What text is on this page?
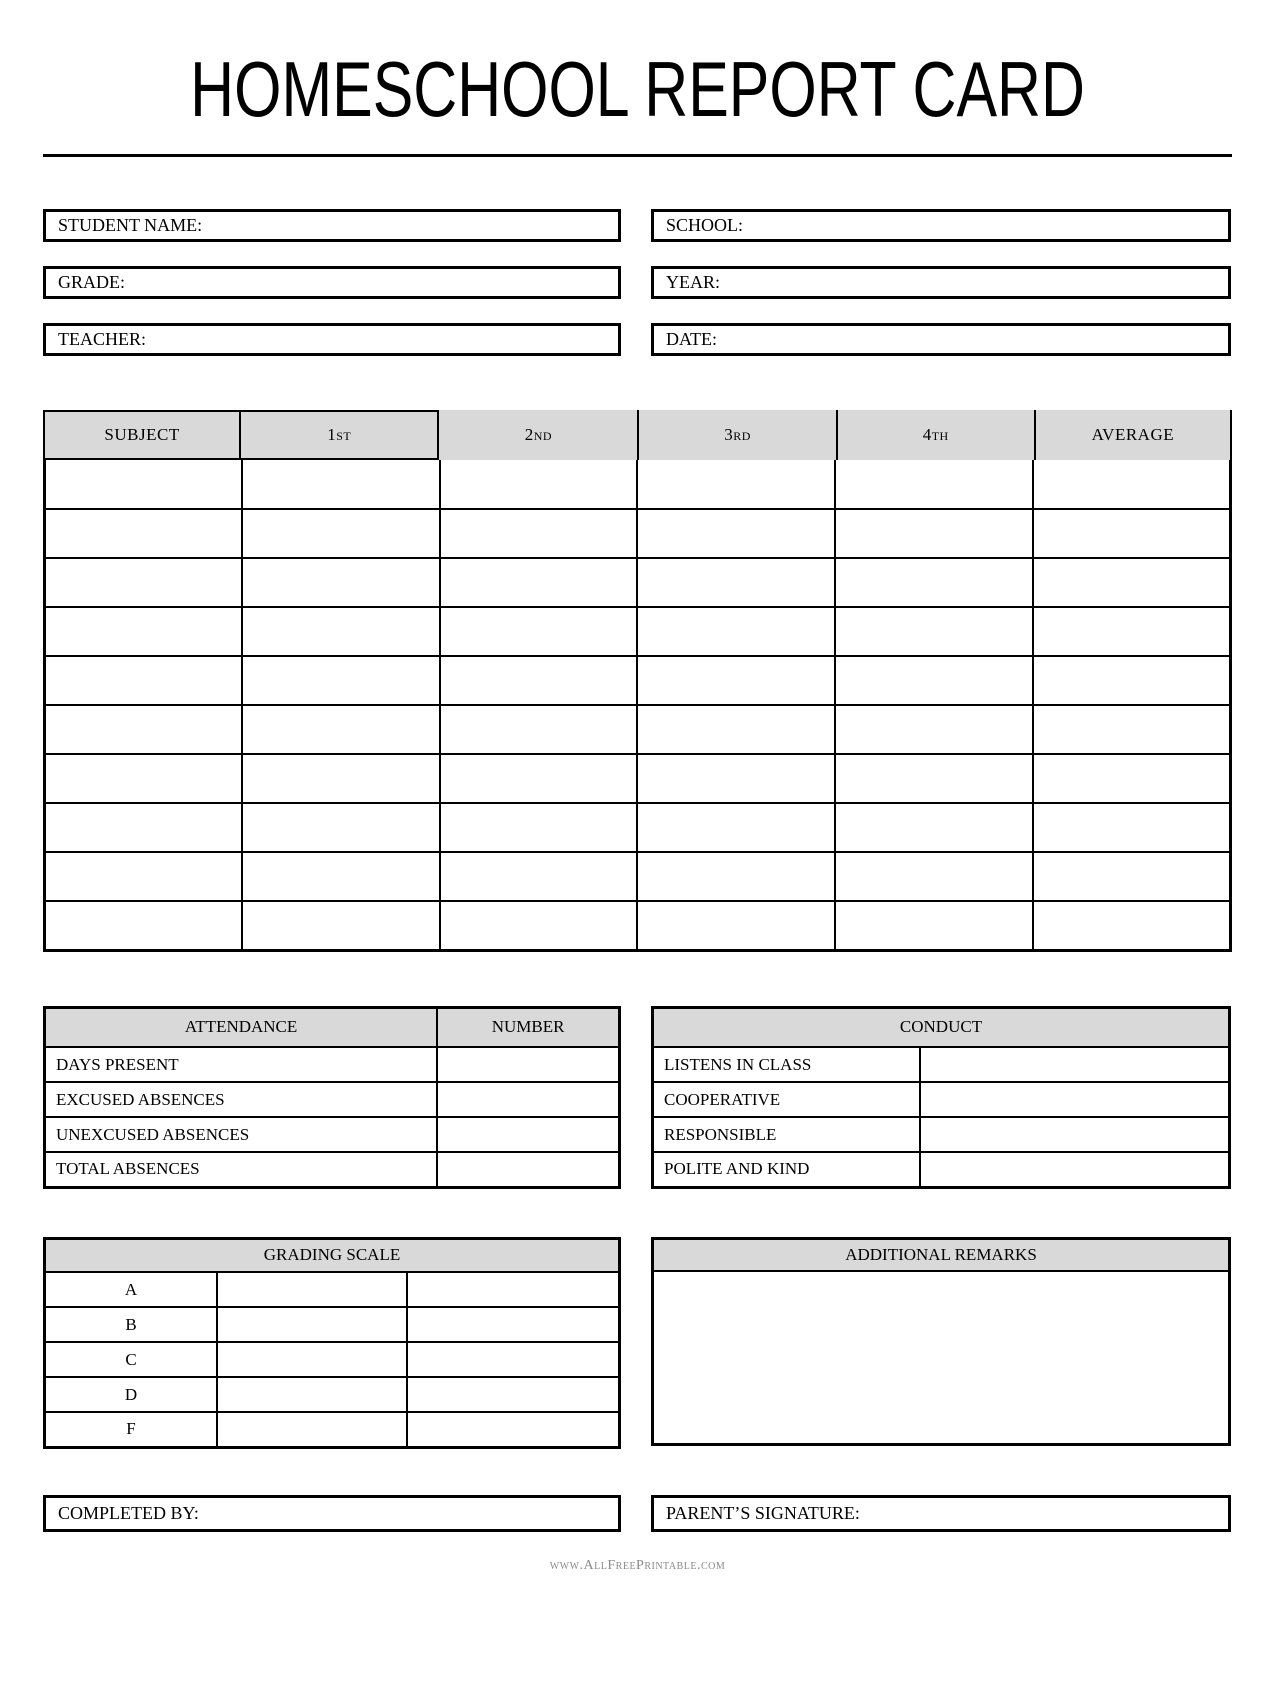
HOMESCHOOL REPORT CARD
STUDENT NAME:	SCHOOL:
GRADE:	YEAR:
TEACHER:	DATE:
SUBJECT	1st	2nd	3rd	4th	AVERAGE

ATTENDANCE	NUMBER
DAYS PRESENT	
EXCUSED ABSENCES	
UNEXCUSED ABSENCES	
TOTAL ABSENCES	
CONDUCT	
LISTENS IN CLASS	
COOPERATIVE	
RESPONSIBLE	
POLITE AND KIND	
GRADING SCALE		
A		
B		
C		
D		
F		
ADDITIONAL REMARKS
COMPLETED BY:	PARENT’S SIGNATURE:
www.AllFreePrintable.com
